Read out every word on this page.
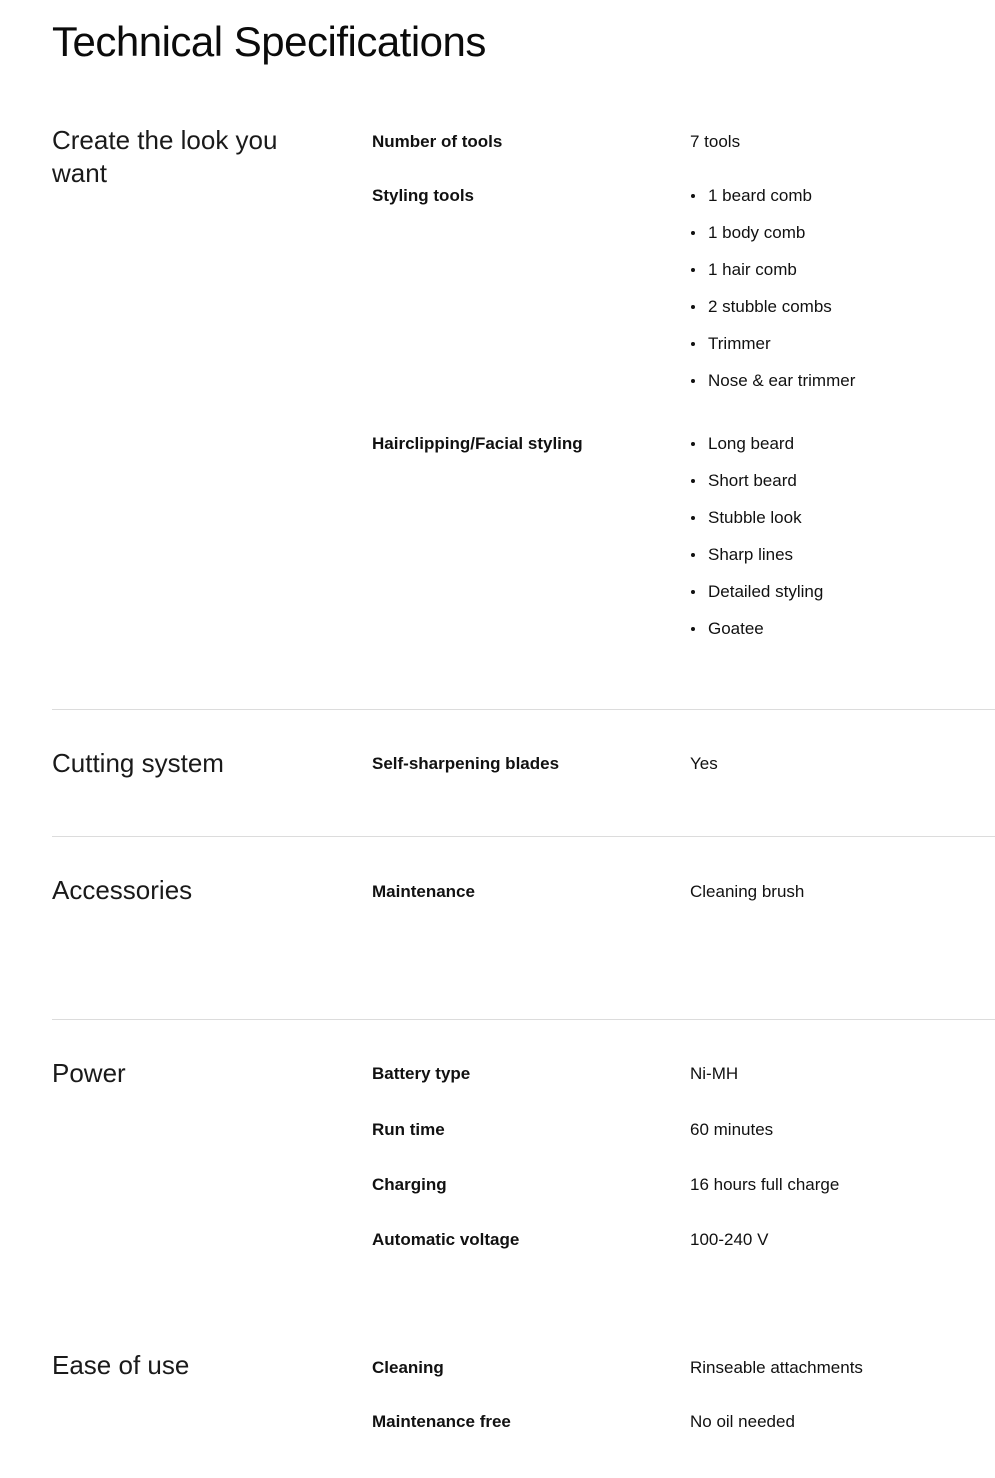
Technical Specifications
Create the look you want
Number of tools	7 tools
Styling tools	1 beard comb
1 body comb
1 hair comb
2 stubble combs
Trimmer
Nose & ear trimmer
Hairclipping/Facial styling	Long beard
Short beard
Stubble look
Sharp lines
Detailed styling
Goatee
Cutting system	Self-sharpening blades	Yes
Accessories	Maintenance	Cleaning brush
Power	Battery type	Ni-MH
Run time	60 minutes
Charging	16 hours full charge
Automatic voltage	100-240 V
Ease of use	Cleaning	Rinseable attachments
Maintenance free	No oil needed
